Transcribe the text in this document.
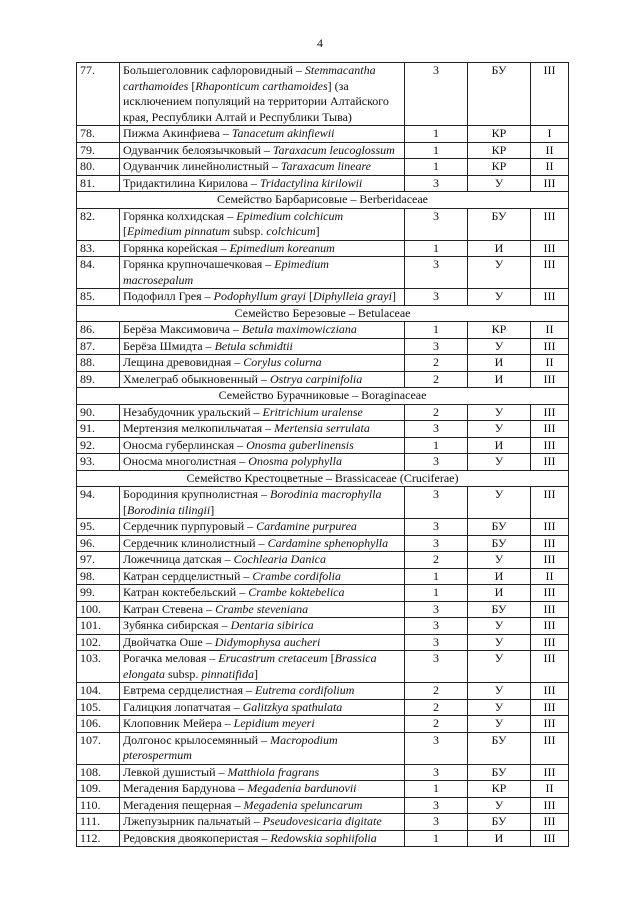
4
77.	Большеголовник сафлоровидный – Stemmacantha carthamoides [Rhaponticum carthamoides] (за исключением популяций на территории Алтайского края, Республики Алтай и Республики Тыва)	3	БУ	III
78.	Пижма Акинфиева – Tanacetum akinfiewii	1	КР	I
79.	Одуванчик белоязычковый – Taraxacum leucoglossum	1	КР	II
80.	Одуванчик линейнолистный – Taraxacum lineare	1	КР	II
81.	Тридактилина Кирилова – Tridactylina kirilowii	3	У	III
Семейство Барбарисовые – Berberidaceae				
82.	Горянка колхидская – Epimedium colchicum [Epimedium pinnatum subsp. colchicum]	3	БУ	III
83.	Горянка корейская – Epimedium koreanum	1	И	III
84.	Горянка крупночашечковая – Epimedium macrosepalum	3	У	III
85.	Подофилл Грея – Podophyllum grayi [Diphylleia grayi]	3	У	III
Семейство Березовые – Betulaceae				
86.	Берёза Максимовича – Betula maximowicziana	1	КР	II
87.	Берёза Шмидта – Betula schmidtii	3	У	III
88.	Лещина древовидная – Corylus colurna	2	И	II
89.	Хмелеграб обыкновенный – Ostrya carpinifolia	2	И	III
Семейство Бурачниковые – Boraginaceae				
90.	Незабудочник уральский – Eritrichium uralense	2	У	III
91.	Мертензия мелкопильчатая – Mertensia serrulata	3	У	III
92.	Оносма губерлинская – Onosma guberlinensis	1	И	III
93.	Оносма многолистная – Onosma polyphylla	3	У	III
Семейство Крестоцветные – Brassicaceae (Cruciferae)				
94.	Бородиния крупнолистная – Borodinia macrophylla [Borodinia tilingii]	3	У	III
95.	Сердечник пурпуровый – Cardamine purpurea	3	БУ	III
96.	Сердечник клинолистный – Cardamine sphenophylla	3	БУ	III
97.	Ложечница датская – Cochlearia Danica	2	У	III
98.	Катран сердцелистный – Crambe cordifolia	1	И	II
99.	Катран коктебельский – Crambe koktebelica	1	И	III
100.	Катран Стевена – Crambe steveniana	3	БУ	III
101.	Зубянка сибирская – Dentaria sibirica	3	У	III
102.	Двойчатка Оше – Didymophysa aucheri	3	У	III
103.	Рогачка меловая – Erucastrum cretaceum [Brassica elongata subsp. pinnatifida]	3	У	III
104.	Евтрема сердцелистная – Eutrema cordifolium	2	У	III
105.	Галицкия лопатчатая – Galitzkya spathulata	2	У	III
106.	Клоповник Мейера – Lepidium meyeri	2	У	III
107.	Долгонос крылосемянный – Macropodium pterospermum	3	БУ	III
108.	Левкой душистый – Matthiola fragrans	3	БУ	III
109.	Мегадения Бардунова – Megadenia bardunovii	1	КР	II
110.	Мегадения пещерная – Megadenia speluncarum	3	У	III
111.	Лжепузырник пальчатый – Pseudovesicaria digitate	3	БУ	III
112.	Редовския двоякоперистая – Redowskia sophiifolia	1	И	III
